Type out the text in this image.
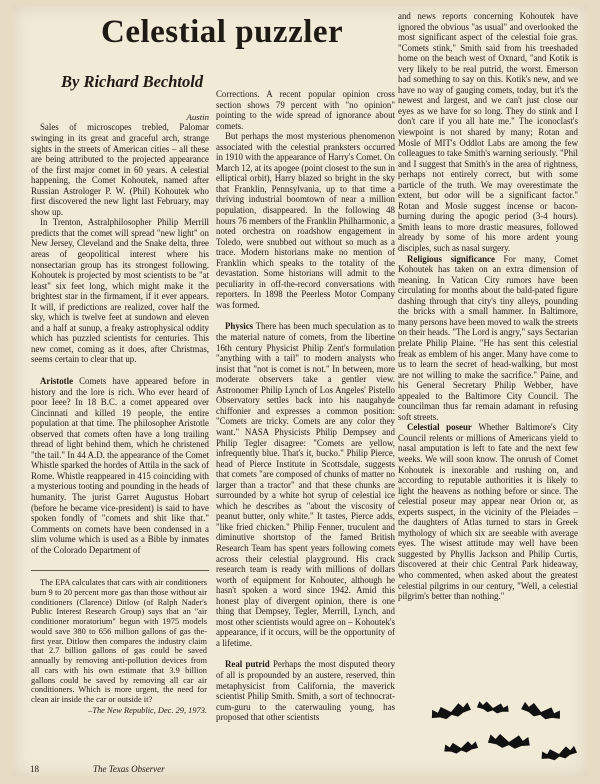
Celestial puzzler
By Richard Bechtold

Austin

Sales of microscopes trebled, Palomar swinging in its great and graceful arch, strange sights in the streets of American cities – all these are being attributed to the projected appearance of the first major comet in 60 years. A celestial happening, the Comet Kohoutek, named after Russian Astrologer P. W. (Phil) Kohoutek who first discovered the new light last February, may show up.

In Trenton, Astralphilosopher Philip Merrill predicts that the comet will spread "new light" on New Jersey, Cleveland and the Snake delta, three areas of geopolitical interest where his nonsectarian group has its strongest following. Kohoutek is projected by most scientists to be "at least" six feet long, which might make it the brightest star in the firmament, if it ever appears. It will, if predictions are realized, cover half the sky, which is twelve feet at sundown and eleven and a half at sunup, a freaky astrophysical oddity which has puzzled scientists for centuries. This new comet, coming as it does, after Christmas, seems certain to clear that up.

Aristotle Comets have appeared before in history and the lore is rich. Who ever heard of poor Ieee? In 18 B.C. a comet appeared over Cincinnati and killed 19 people, the entire population at that time. The philosopher Aristotle observed that comets often have a long trailing thread of light behind them, which he christened "the tail." In 44 A.D. the appearance of the Comet Whistle sparked the hordes of Attila in the sack of Rome. Whistle reappeared in 415 coinciding with a mysterious tooting and pounding in the heads of humanity. The jurist Garret Augustus Hobart (before he became vice-president) is said to have spoken fondly of "comets and shit like that." Comments on comets have been condensed in a slim volume which is used as a Bible by inmates of the Colorado Department of

The EPA calculates that cars with air conditioners burn 9 to 20 percent more gas than those without air conditioners (Clarence) Ditlow (of Ralph Nader's Public Interest Research Group) says that an "air conditioner moratorium" begun with 1975 models would save 380 to 656 million gallons of gas the-first year. Ditlow then compares the industry claim that 2.7 billion gallons of gas could be saved annually by removing anti-pollution devices from all cars with his own estimate that 3.9 billion gallons could be saved by removing all car air conditioners. Which is more urgent, the need for clean air inside the car or outside it?

–The New Republic, Dec. 29, 1973.

Corrections. A recent popular opinion cross section shows 79 percent with "no opinion" pointing to the wide spread of ignorance about comets.

But perhaps the most mysterious phenomenon associated with the celestial pranksters occurred in 1910 with the appearance of Harry's Comet. On March 12, at its apogee (point closest to the sun in elliptical orbit), Harry blazed so bright in the sky that Franklin, Pennsylvania, up to that time a thriving industrial boomtown of near a million population, disappeared. In the following 48 hours 76 members of the Franklin Philharmonic, a noted orchestra on roadshow engagement in Toledo, were snubbed out without so much as a trace. Modern historians make no mention of Franklin which speaks to the totality of the devastation. Some historians will admit to the peculiarity in off-the-record conversations with reporters. In 1898 the Peerless Motor Company was formed.

Physics There has been much speculation as to the material nature of comets, from the libertine 16th century Physicist Philip Zent's formulation "anything with a tail" to modern analysts who insist that "not is comet is not." In between, more moderate observers take a gentler view. Astronomer Philip Lynch of Los Angeles' Pistello Observatory settles back into his naugahyde chiffonier and expresses a common position: "Comets are tricky. Comets are any color they want." NASA Physicists Philip Dempsey and Philip Tegler disagree: "Comets are yellow, infrequently blue. That's it, bucko." Philip Pierce, head of Pierce Institute in Scottsdale, suggests that comets "are composed of chunks of matter no larger than a tractor" and that these chunks are surrounded by a white hot syrup of celestial ice which he describes as "about the viscosity of peanut butter, only white." It tastes, Pierce adds, "like fried chicken." Philip Fenner, truculent and diminutive shortstop of the famed British Research Team has spent years following comets across their celestial playground. His crack research team is ready with millions of dollars worth of equipment for Kohoutec, although he hasn't spoken a word since 1942. Amid this honest play of divergent opinion, there is one thing that Dempsey, Tegler, Merrill, Lynch, and most other scientists would agree on – Kohoutek's appearance, if it occurs, will be the opportunity of a lifetime.

Real putrid Perhaps the most disputed theory of all is propounded by an austere, reserved, thin metaphysicist from California, the maverick scientist Philip Smith. Smith, a sort of technocrat-cum-guru to the caterwauling young, has proposed that other scientists

and news reports concerning Kohoutek have ignored the obvious "as usual" and overlooked the most significant aspect of the celestial foie gras. "Comets stink," Smith said from his treeshaded home on the beach west of Oxnard, "and Kotik is very likely to be real putrid, the worst. Emerson had something to say on this. Kotik's new, and we have no way of gauging comets, today, but it's the newest and largest, and we can't just close our eyes as we have for so long. They do stink and I don't care if you all hate me." The iconoclast's viewpoint is not shared by many; Rotan and Mosle of MIT's Oddlot Labs are among the few colleagues to take Smith's warning seriously. "Phil and I suggest that Smith's in the area of rightness, perhaps not entirely correct, but with some particle of the truth. We may overestimate the extent, but odor will be a significant factor." Rotan and Mosle suggest incense or bacon-burning during the apogic period (3-4 hours). Smith leans to more drastic measures, followed already by some of his more ardent young disciples, such as nasal surgery.

Religious significance For many, Comet Kohoutek has taken on an extra dimension of meaning. In Vatican City rumors have been circulating for months about the bald-pated figure dashing through that city's tiny alleys, pounding the bricks with a small hammer. In Baltimore, many persons have been moved to walk the streets on their heads. "The Lord is angry," says Sectarian prelate Philip Plaine. "He has sent this celestial freak as emblem of his anger. Many have come to us to learn the secret of head-walking, but most are not willing to make the sacrifice." Paine, and his General Secretary Philip Webber, have appealed to the Baltimore City Council. The councilman thus far remain adamant in refusing soft streets.

Celestial poseur Whether Baltimore's City Council relents or millions of Americans yield to nasal amputation is left to fate and the next few weeks. We will soon know. The onrush of Comet Kohoutek is inexorable and rushing on, and according to reputable authorities it is likely to light the heavens as nothing before or since. The celestial poseur may appear near Orion or, as experts suspect, in the vicinity of the Pleiades – the daughters of Atlas turned to stars in Greek mythology of which six are seeable with average eyes. The wisest attitude may well have been suggested by Phyllis Jackson and Philip Curtis, discovered at their chic Central Park hideaway, who commented, when asked about the greatest celestial pilgrims in our century, "Well, a celestial pilgrim's better than nothing."

18	The Texas Observer
